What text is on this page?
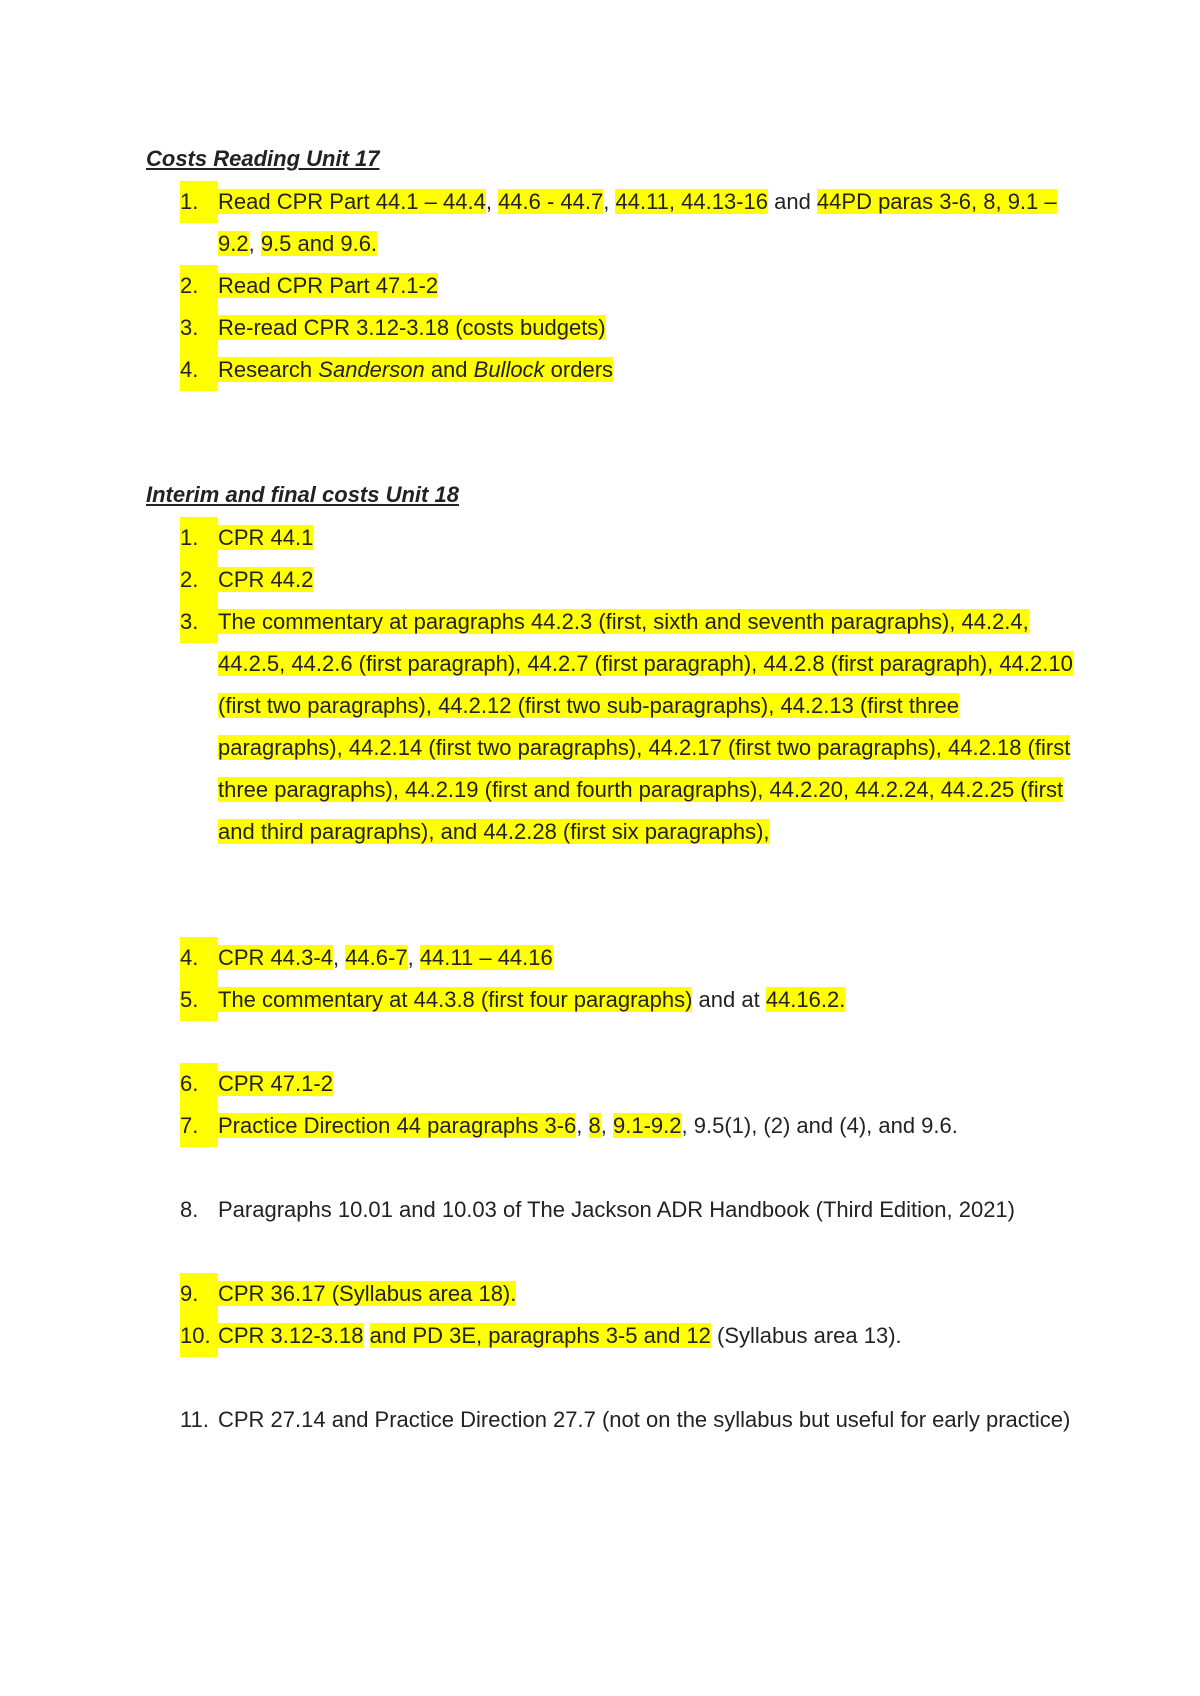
Costs Reading Unit 17
1. Read CPR Part 44.1 – 44.4, 44.6 - 44.7, 44.11, 44.13-16 and 44PD paras 3-6, 8, 9.1 – 9.2, 9.5 and 9.6.
2. Read CPR Part 47.1-2
3. Re-read CPR 3.12-3.18 (costs budgets)
4. Research Sanderson and Bullock orders
Interim and final costs Unit 18
1. CPR 44.1
2. CPR 44.2
3. The commentary at paragraphs 44.2.3 (first, sixth and seventh paragraphs), 44.2.4, 44.2.5, 44.2.6 (first paragraph), 44.2.7 (first paragraph), 44.2.8 (first paragraph), 44.2.10 (first two paragraphs), 44.2.12 (first two sub-paragraphs), 44.2.13 (first three paragraphs), 44.2.14 (first two paragraphs), 44.2.17 (first two paragraphs), 44.2.18 (first three paragraphs), 44.2.19 (first and fourth paragraphs), 44.2.20, 44.2.24, 44.2.25 (first and third paragraphs), and 44.2.28 (first six paragraphs),
4. CPR 44.3-4, 44.6-7, 44.11 – 44.16
5. The commentary at 44.3.8 (first four paragraphs) and at 44.16.2.
6. CPR 47.1-2
7. Practice Direction 44 paragraphs 3-6, 8, 9.1-9.2, 9.5(1), (2) and (4), and 9.6.
8. Paragraphs 10.01 and 10.03 of The Jackson ADR Handbook (Third Edition, 2021)
9. CPR 36.17 (Syllabus area 18).
10. CPR 3.12-3.18 and PD 3E, paragraphs 3-5 and 12 (Syllabus area 13).
11. CPR 27.14 and Practice Direction 27.7 (not on the syllabus but useful for early practice)
